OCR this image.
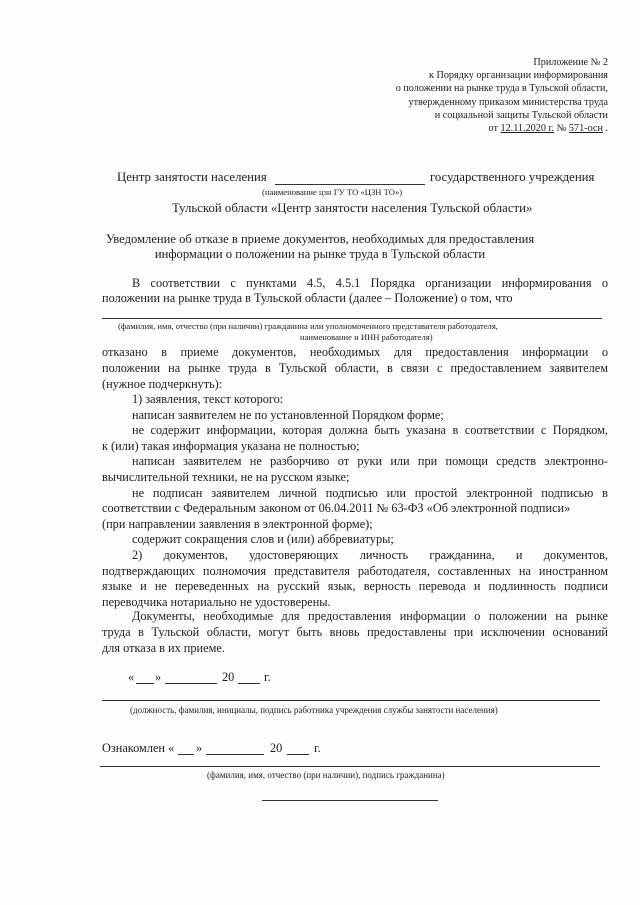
Приложение № 2
к Порядку организации информирования
о положении на рынке труда в Тульской области,
утвержденному приказом министерства труда
и социальной защиты Тульской области
от 12.11.2020 г. № 571-осн .
Центр занятости населения	государственного учреждения
(наименование цзн ГУ ТО «ЦЗН ТО»)
Тульской области «Центр занятости населения Тульской области»
Уведомление об отказе в приеме документов, необходимых для предоставления
информации о положении на рынке труда в Тульской области
В соответствии с пунктами 4.5, 4.5.1 Порядка организации информирования о
положении на рынке труда в Тульской области (далее – Положение) о том, что
(фамилия, имя, отчество (при наличии) гражданина или уполномоченного представителя работодателя,
наименование и ИНН работодателя)
отказано в приеме документов, необходимых для предоставления информации о
положении на рынке труда в Тульской области, в связи с предоставлением заявителем
(нужное подчеркнуть):
1) заявления, текст которого:
написан заявителем не по установленной Порядком форме;
не содержит информации, которая должна быть указана в соответствии с Порядком,
к (или) такая информация указана не полностью;
написан заявителем не разборчиво от руки или при помощи средств электронно-
вычислительной техники, не на русском языке;
не подписан заявителем личной подписью или простой электронной подписью в
соответствии с Федеральным законом от 06.04.2011 № 63-ФЗ «Об электронной подписи»
(при направлении заявления в электронной форме);
содержит сокращения слов и (или) аббревиатуры;
2) документов, удостоверяющих личность гражданина, и документов,
подтверждающих полномочия представителя работодателя, составленных на иностранном
языке и не переведенных на русский язык, верность перевода и подлинность подписи
переводчика нотариально не удостоверены.
Документы, необходимые для предоставления информации о положении на рынке
труда в Тульской области, могут быть вновь предоставлены при исключении оснований
для отказа в их приеме.
« »	20 г.
(должность, фамилия, инициалы, подпись работника учреждения службы занятости населения)
Ознакомлен « »	20	г.
(фамилия, имя, отчество (при наличии), подпись гражданина)
